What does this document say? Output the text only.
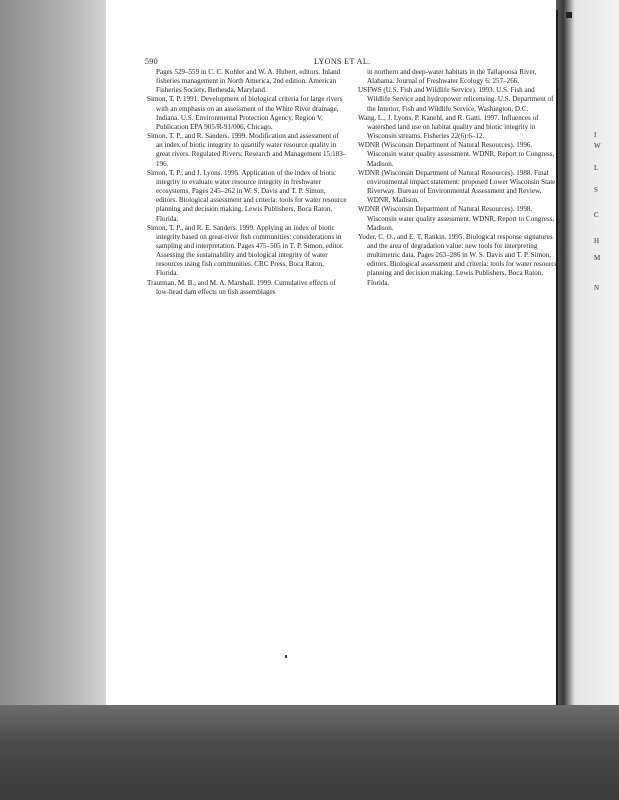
I
W
L
S
C
H
M
N
590	LYONS ET AL.

Pages 529–559 in C. C. Kohler and W. A. Hubert, editors. Inland fisheries management in North America, 2nd edition. American Fisheries Society, Bethesda, Maryland.

Simon, T. P. 1991. Development of biological criteria for large rivers with an emphasis on an assessment of the White River drainage, Indiana. U.S. Environmental Protection Agency, Region V, Publication EPA 905/R-91/006, Chicago.

Simon, T. P., and R. Sanders. 1999. Modification and assessment of an index of biotic integrity to quantify water resource quality in great rivers. Regulated Rivers: Research and Management 15:183–196.

Simon, T. P., and J. Lyons. 1995. Application of the index of biotic integrity to evaluate water resource integrity in freshwater ecosystems. Pages 245–262 in W. S. Davis and T. P. Simon, editors. Biological assessment and criteria: tools for water resource planning and decision making. Lewis Publishers, Boca Raton, Florida.

Simon, T. P., and R. E. Sanders. 1999. Applying an index of biotic integrity based on great-river fish communities: considerations in sampling and interpretation. Pages 475–505 in T. P. Simon, editor. Assessing the sustainability and biological integrity of water resources using fish communities. CRC Press, Boca Raton, Florida.

Trautman, M. B., and M. A. Marshall. 1999. Cumulative effects of low-head dam effects on fish assemblages

in northern and deep-water habitats in the Tallapoosa River, Alabama. Journal of Freshwater Ecology 6: 257–266.

USFWS (U.S. Fish and Wildlife Service). 1993. U.S. Fish and Wildlife Service and hydropower relicensing. U.S. Department of the Interior, Fish and Wildlife Service, Washington, D.C.

Wang, L., J. Lyons, P. Kanehl, and R. Gatti. 1997. Influences of watershed land use on habitat quality and biotic integrity in Wisconsin streams. Fisheries 22(6):6–12.

WDNR (Wisconsin Department of Natural Resources). 1996. Wisconsin water quality assessment. WDNR, Report to Congress, Madison.

WDNR (Wisconsin Department of Natural Resources). 1988. Final environmental impact statement: proposed Lower Wisconsin State Riverway. Bureau of Environmental Assessment and Review, WDNR, Madison.

WDNR (Wisconsin Department of Natural Resources). 1998. Wisconsin water quality assessment. WDNR, Report to Congress, Madison.

Yoder, C. O., and E. T. Rankin. 1995. Biological response signatures and the area of degradation value: new tools for interpreting multimetric data. Pages 263–286 in W. S. Davis and T. P. Simon, editors. Biological assessment and criteria: tools for water resource planning and decision making. Lewis Publishers, Boca Raton, Florida.
